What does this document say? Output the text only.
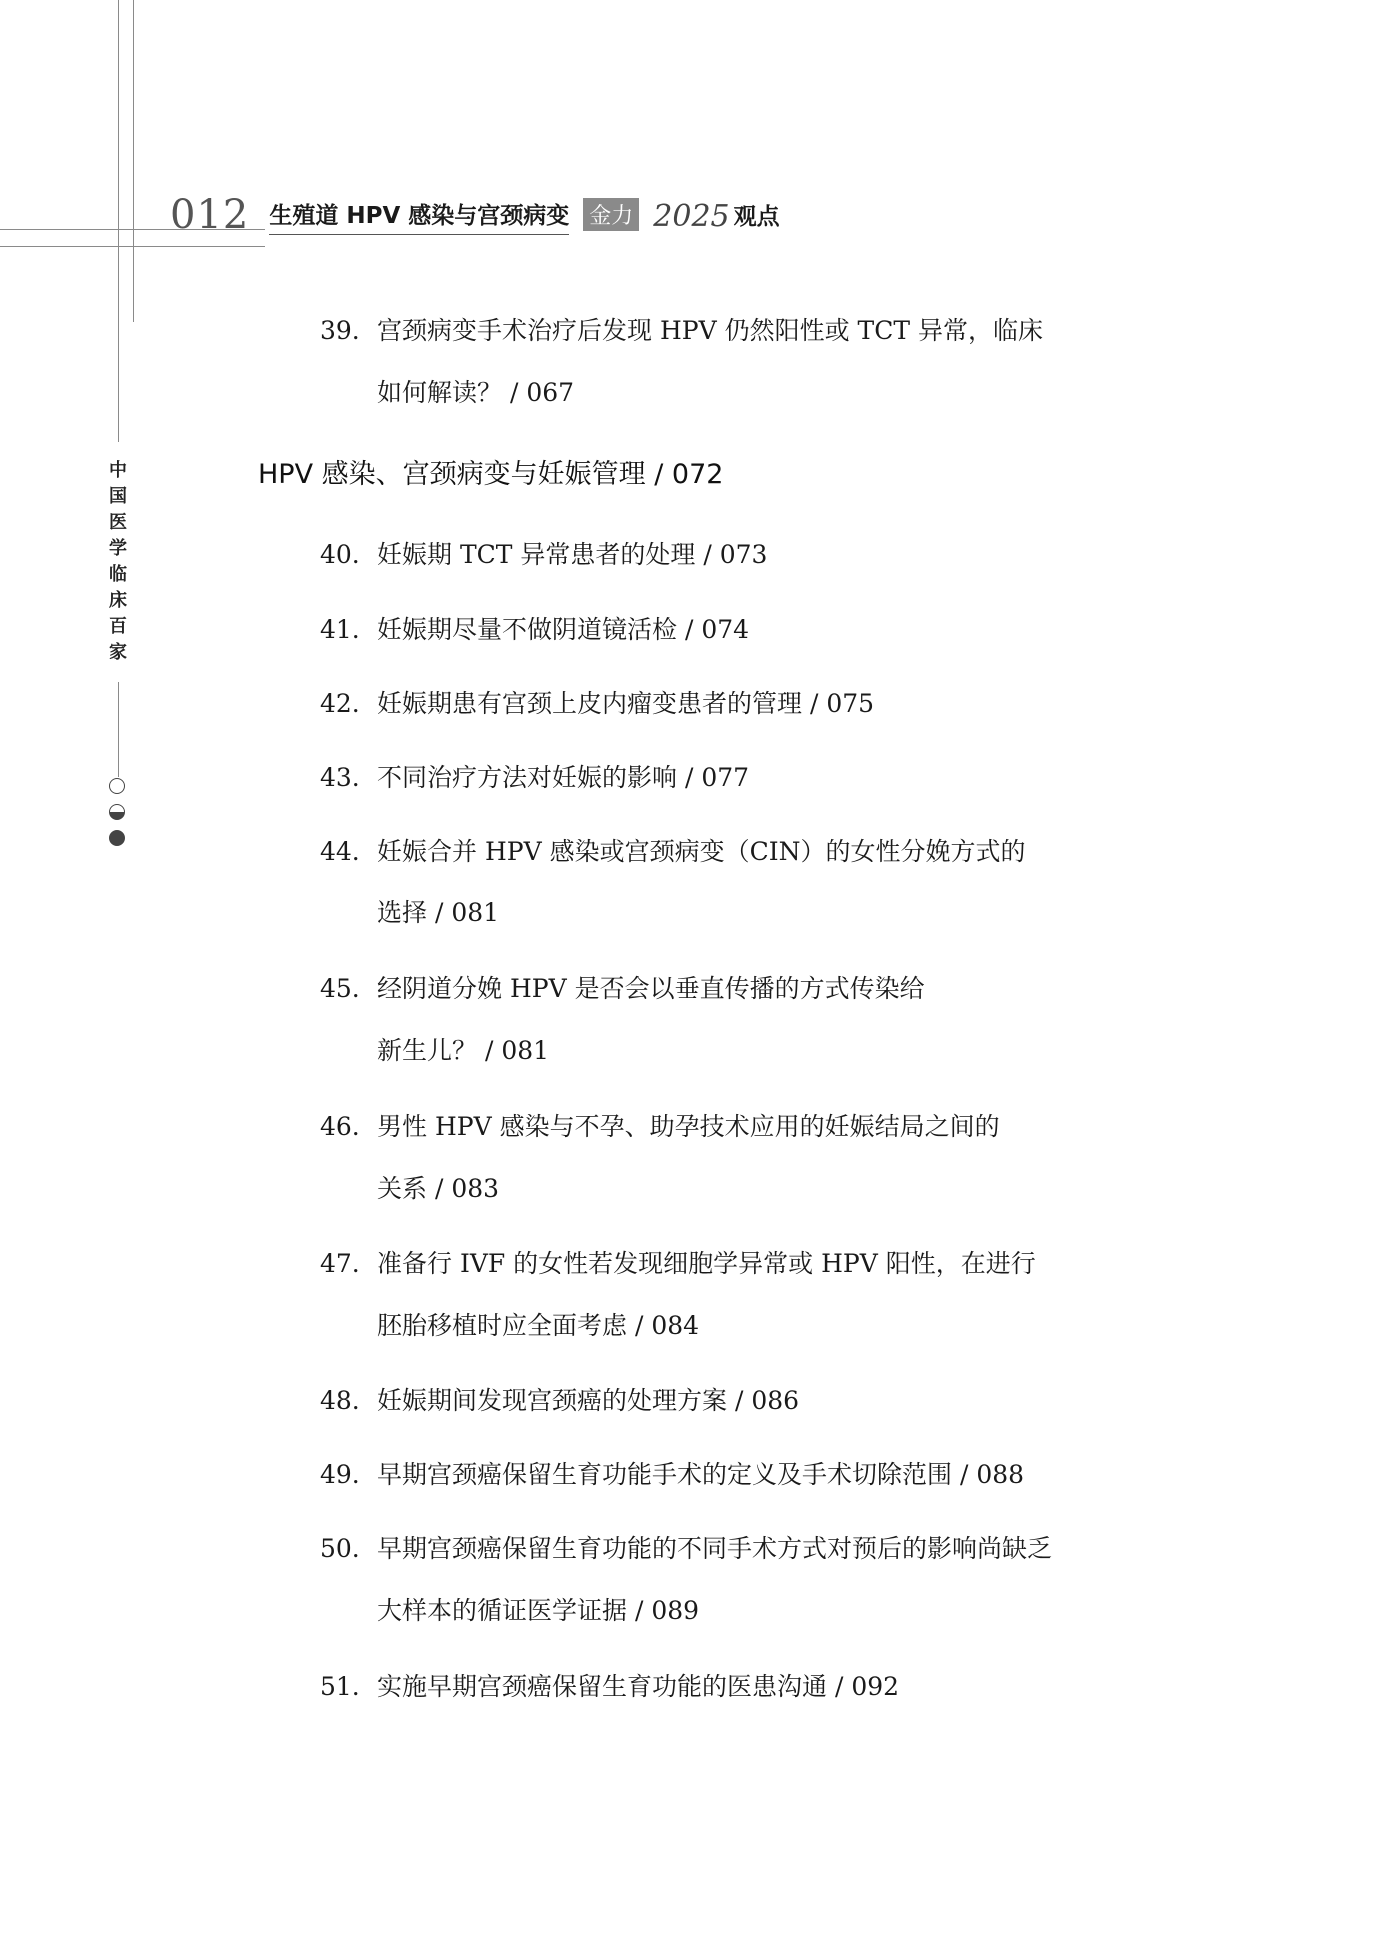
012 生殖道 HPV 感染与宫颈病变 金力 2025 观点
中
国
医
学
临
床
百
家
39. 宫颈病变手术治疗后发现 HPV 仍然阳性或 TCT 异常，临床
如何解读？ / 067
HPV 感染、宫颈病变与妊娠管理 / 072
40. 妊娠期 TCT 异常患者的处理 / 073
41. 妊娠期尽量不做阴道镜活检 / 074
42. 妊娠期患有宫颈上皮内瘤变患者的管理 / 075
43. 不同治疗方法对妊娠的影响 / 077
44. 妊娠合并 HPV 感染或宫颈病变（CIN）的女性分娩方式的
选择 / 081
45. 经阴道分娩 HPV 是否会以垂直传播的方式传染给
新生儿？ / 081
46. 男性 HPV 感染与不孕、助孕技术应用的妊娠结局之间的
关系 / 083
47. 准备行 IVF 的女性若发现细胞学异常或 HPV 阳性，在进行
胚胎移植时应全面考虑 / 084
48. 妊娠期间发现宫颈癌的处理方案 / 086
49. 早期宫颈癌保留生育功能手术的定义及手术切除范围 / 088
50. 早期宫颈癌保留生育功能的不同手术方式对预后的影响尚缺乏
大样本的循证医学证据 / 089
51. 实施早期宫颈癌保留生育功能的医患沟通 / 092
